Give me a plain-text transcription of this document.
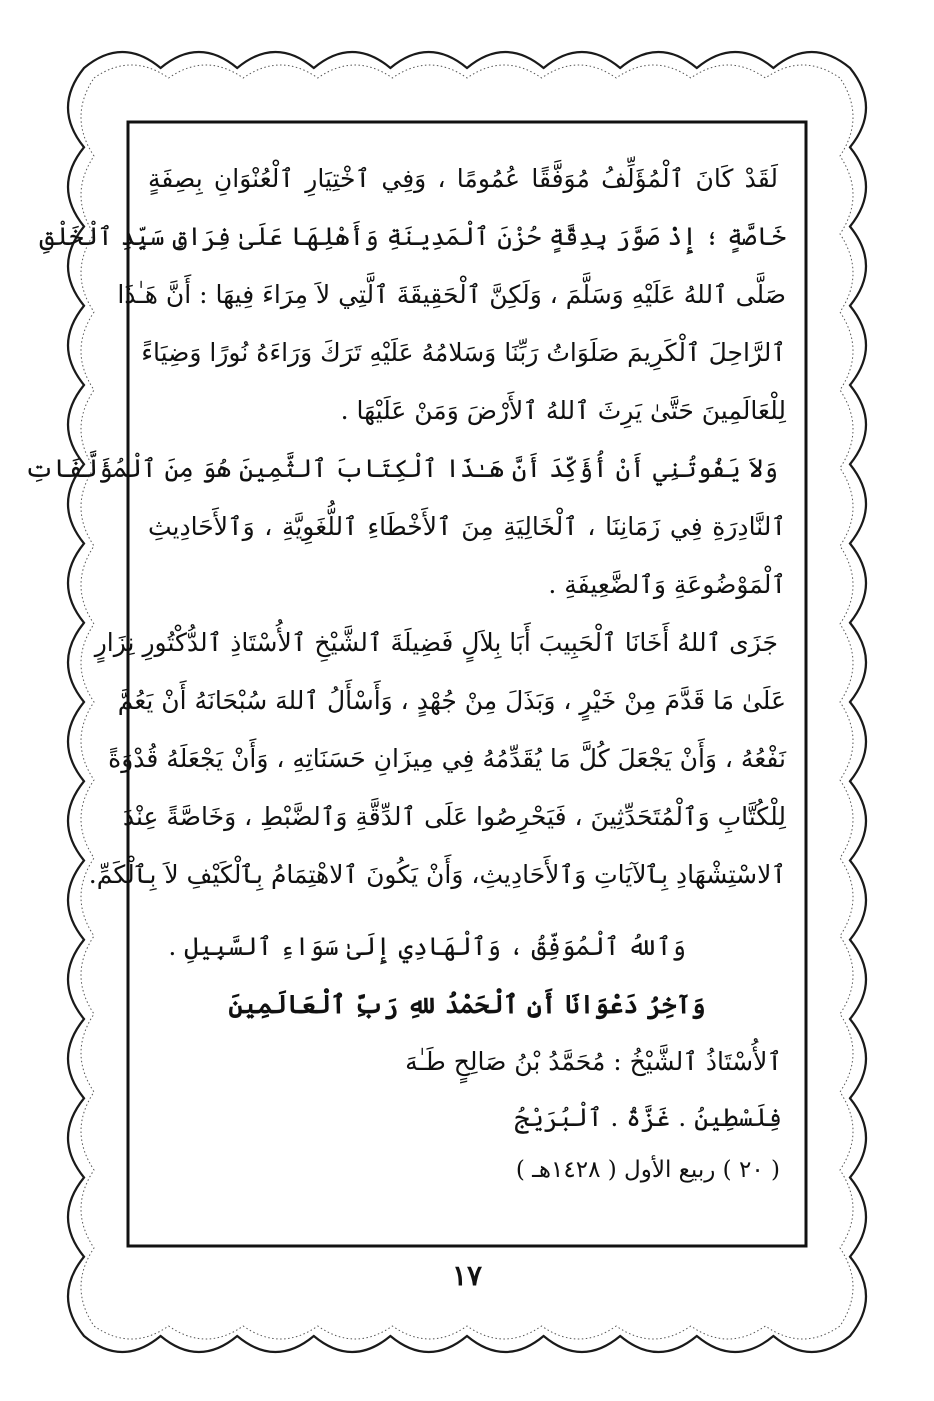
لَقَدْ كَانَ ٱلْمُؤَلِّفُ مُوَفَّقًا عُمُومًا ، وَفِي ٱخْتِيَارِ ٱلْعُنْوَانِ بِصِفَةٍ
خَاصَّةٍ ؛ إِذْ صَوَّرَ بِدِقَّةٍ حُزْنَ ٱلْمَدِينَةِ وَأَهْلِهَا عَلَىٰ فِرَاقِ سَيِّدِ ٱلْخَلْقِ
صَلَّى ٱللهُ عَلَيْهِ وَسَلَّمَ ، وَلَكِنَّ ٱلْحَقِيقَةَ ٱلَّتِي لاَ مِرَاءَ فِيهَا : أَنَّ هَـٰذَا
ٱلرَّاحِلَ ٱلْكَرِيمَ صَلَوَاتُ رَبِّنَا وَسَلامُهُ عَلَيْهِ تَرَكَ وَرَاءَهُ نُورًا وَضِيَاءً
لِلْعَالَمِينَ حَتَّىٰ يَرِثَ ٱللهُ ٱلأَرْضَ وَمَنْ عَلَيْهَا .
وَلاَ يَفُوتُنِي أَنْ أُؤَكِّدَ أَنَّ هَـٰذَا ٱلْكِتَابَ ٱلثَّمِينَ هُوَ مِنَ ٱلْمُؤَلَّفَاتِ
ٱلنَّادِرَةِ فِي زَمَانِنَا ، ٱلْخَالِيَةِ مِنَ ٱلأَخْطَاءِ ٱللُّغَوِيَّةِ ، وَٱلأَحَادِيثِ
ٱلْمَوْضُوعَةِ وَٱلضَّعِيفَةِ .
جَزَى ٱللهُ أَخَانَا ٱلْحَبِيبَ أَبَا بِلاَلٍ فَضِيلَةَ ٱلشَّيْخِ ٱلأُسْتَاذِ ٱلدُّكْتُورِ نِزَارٍ
عَلَىٰ مَا قَدَّمَ مِنْ خَيْرٍ ، وَبَذَلَ مِنْ جُهْدٍ ، وَأَسْأَلُ ٱللهَ سُبْحَانَهُ أَنْ يَعُمَّ
نَفْعُهُ ، وَأَنْ يَجْعَلَ كُلَّ مَا يُقَدِّمُهُ فِي مِيزَانِ حَسَنَاتِهِ ، وَأَنْ يَجْعَلَهُ قُدْوَةً
لِلْكُتَّابِ وَٱلْمُتَحَدِّثِينَ ، فَيَحْرِصُوا عَلَى ٱلدِّقَّةِ وَٱلضَّبْطِ ، وَخَاصَّةً عِنْدَ
ٱلاسْتِشْهَادِ بِٱلآيَاتِ وَٱلأَحَادِيثِ، وَأَنْ يَكُونَ ٱلاهْتِمَامُ بِٱلْكَيْفِ لاَ بِٱلْكَمِّ.
وَٱللهُ ٱلْمُوَفِّقُ ، وَٱلْهَادِي إِلَىٰ سَوَاءِ ٱلسَّبِيلِ .
وَآخِرُ دَعْوَانَا أَنِ ٱلْحَمْدُ للهِ رَبِّ ٱلْعَالَمِينَ
ٱلأُسْتَاذُ ٱلشَّيْخُ : مُحَمَّدُ بْنُ صَالِحٍ طَـٰهَ
فِلَسْطِينُ . غَزَّةُ . ٱلْبُرَيْجُ
( ٢٠ ) ربيع الأول ( ١٤٢٨هـ )
١٧
